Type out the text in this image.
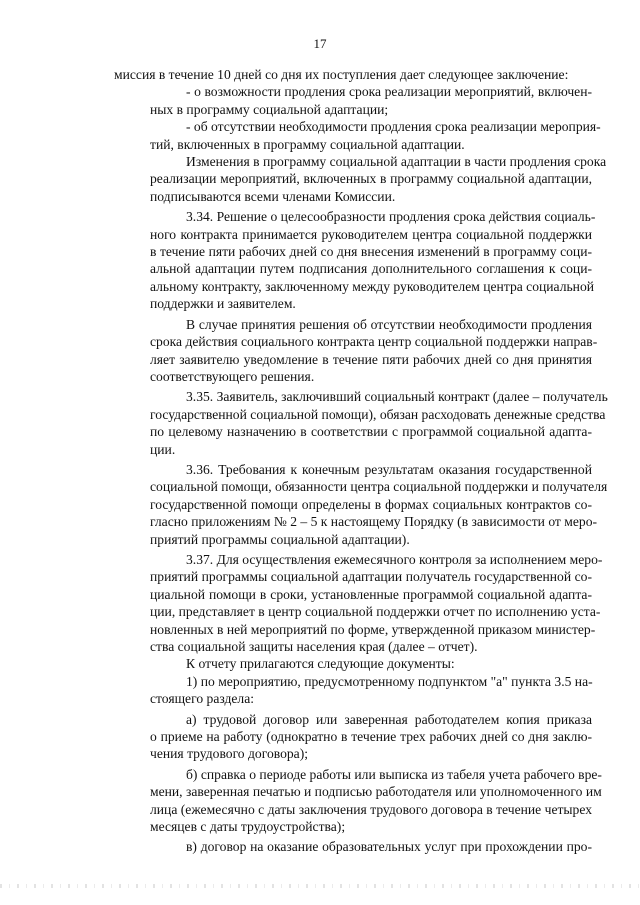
17

миссия в течение 10 дней со дня их поступления дает следующее заключение:

- о возможности продления срока реализации мероприятий, включен-
ных в программу социальной адаптации;

- об отсутствии необходимости продления срока реализации мероприя-
тий, включенных в программу социальной адаптации.

Изменения в программу социальной адаптации в части продления срока
реализации мероприятий, включенных в программу социальной адаптации,
подписываются всеми членами Комиссии.

3.34. Решение о целесообразности продления срока действия социаль-
ного контракта принимается руководителем центра социальной поддержки
в течение пяти рабочих дней со дня внесения изменений в программу соци-
альной адаптации путем подписания дополнительного соглашения к соци-
альному контракту, заключенному между руководителем центра социальной
поддержки и заявителем.

В случае принятия решения об отсутствии необходимости продления
срока действия социального контракта центр социальной поддержки направ-
ляет заявителю уведомление в течение пяти рабочих дней со дня принятия
соответствующего решения.

3.35. Заявитель, заключивший социальный контракт (далее – получатель
государственной социальной помощи), обязан расходовать денежные средства
по целевому назначению в соответствии с программой социальной адапта-
ции.

3.36. Требования к конечным результатам оказания государственной
социальной помощи, обязанности центра социальной поддержки и получателя
государственной помощи определены в формах социальных контрактов со-
гласно приложениям № 2 – 5 к настоящему Порядку (в зависимости от меро-
приятий программы социальной адаптации).

3.37. Для осуществления ежемесячного контроля за исполнением меро-
приятий программы социальной адаптации получатель государственной со-
циальной помощи в сроки, установленные программой социальной адапта-
ции, представляет в центр социальной поддержки отчет по исполнению уста-
новленных в ней мероприятий по форме, утвержденной приказом министер-
ства социальной защиты населения края (далее – отчет).

К отчету прилагаются следующие документы:

1) по мероприятию, предусмотренному подпунктом "а" пункта 3.5 на-
стоящего раздела:

а) трудовой договор или заверенная работодателем копия приказа
о приеме на работу (однократно в течение трех рабочих дней со дня заклю-
чения трудового договора);

б) справка о периоде работы или выписка из табеля учета рабочего вре-
мени, заверенная печатью и подписью работодателя или уполномоченного им
лица (ежемесячно с даты заключения трудового договора в течение четырех
месяцев с даты трудоустройства);

в) договор на оказание образовательных услуг при прохождении про-
